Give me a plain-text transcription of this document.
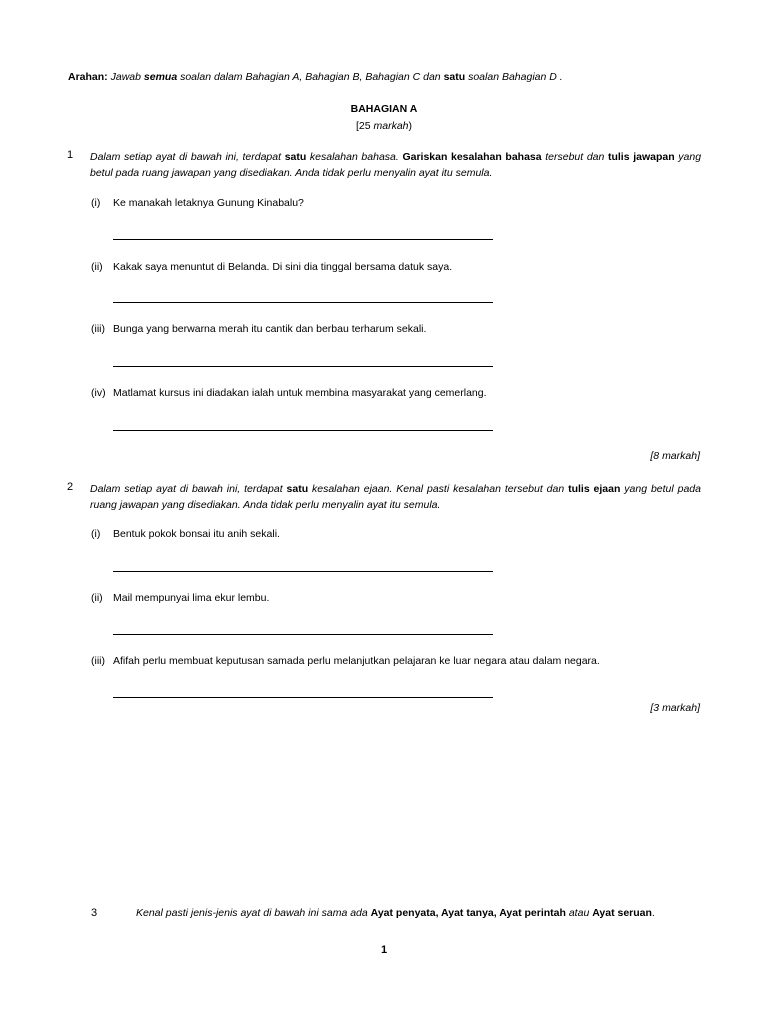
Arahan: Jawab semua soalan dalam Bahagian A, Bahagian B, Bahagian C dan satu soalan Bahagian D .
BAHAGIAN A
[25 markah)
1 Dalam setiap ayat di bawah ini, terdapat satu kesalahan bahasa. Gariskan kesalahan bahasa tersebut dan tulis jawapan yang betul pada ruang jawapan yang disediakan. Anda tidak perlu menyalin ayat itu semula.
(i) Ke manakah letaknya Gunung Kinabalu?
(ii) Kakak saya menuntut di Belanda. Di sini dia tinggal bersama datuk saya.
(iii) Bunga yang berwarna merah itu cantik dan berbau terharum sekali.
(iv) Matlamat kursus ini diadakan ialah untuk membina masyarakat yang cemerlang.
[8 markah]
2 Dalam setiap ayat di bawah ini, terdapat satu kesalahan ejaan. Kenal pasti kesalahan tersebut dan tulis ejaan yang betul pada ruang jawapan yang disediakan. Anda tidak perlu menyalin ayat itu semula.
(i) Bentuk pokok bonsai itu anih sekali.
(ii) Mail mempunyai lima ekur lembu.
(iii) Afifah perlu membuat keputusan samada perlu melanjutkan pelajaran ke luar negara atau dalam negara.
[3 markah]
3	Kenal pasti jenis-jenis ayat di bawah ini sama ada Ayat penyata, Ayat tanya, Ayat perintah atau Ayat seruan.
1
